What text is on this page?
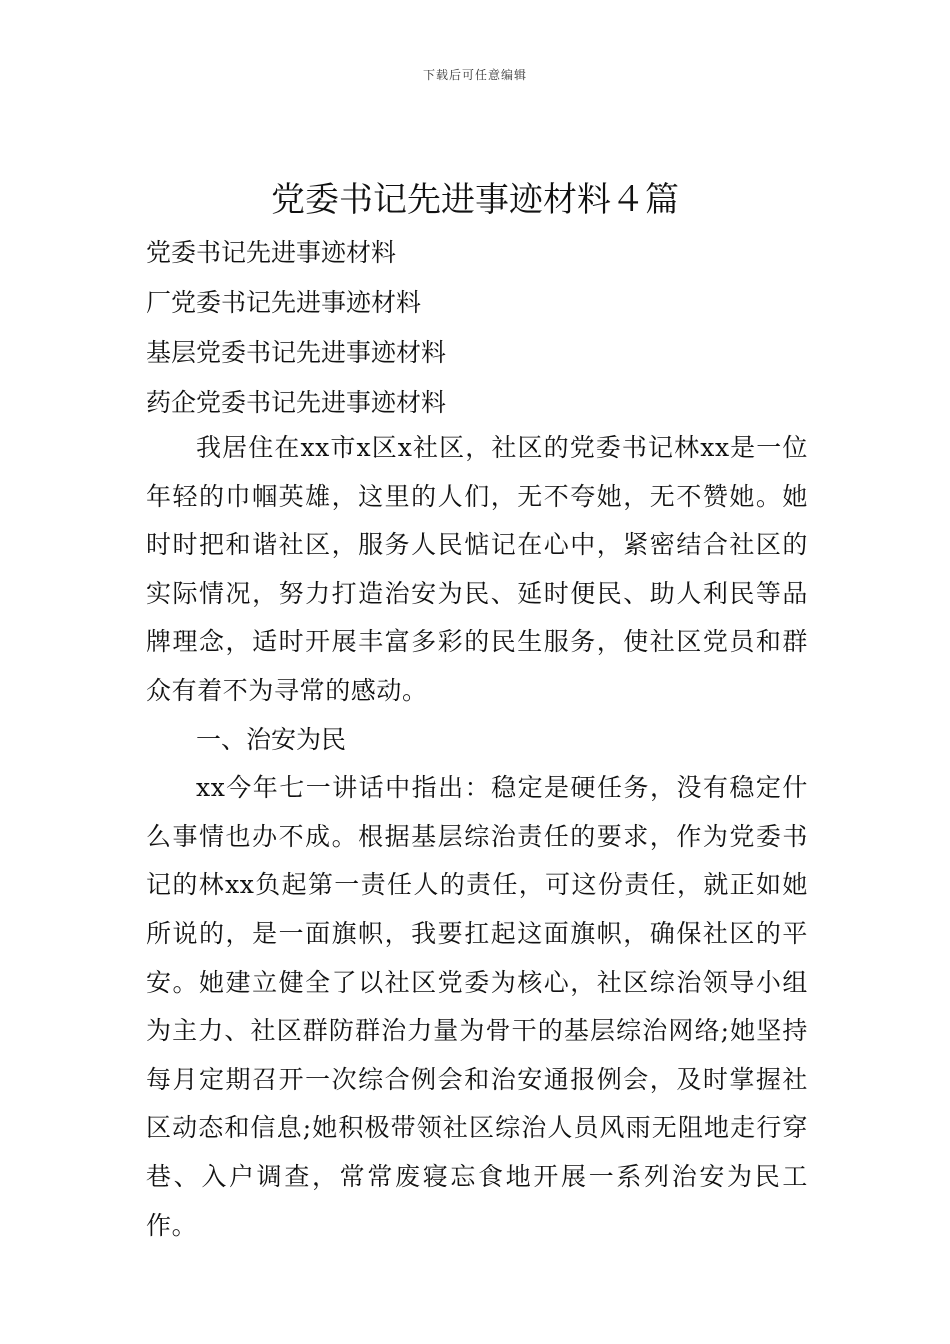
下载后可任意编辑
党委书记先进事迹材料４篇
党委书记先进事迹材料
厂党委书记先进事迹材料
基层党委书记先进事迹材料
药企党委书记先进事迹材料

我居住在xx市x区x社区，社区的党委书记林xx是一位年轻的巾帼英雄，这里的人们，无不夸她，无不赞她。她时时把和谐社区，服务人民惦记在心中，紧密结合社区的实际情况，努力打造治安为民、延时便民、助人利民等品牌理念，适时开展丰富多彩的民生服务，使社区党员和群众有着不为寻常的感动。

一、治安为民

xx今年七一讲话中指出：稳定是硬任务，没有稳定什么事情也办不成。根据基层综治责任的要求，作为党委书记的林xx负起第一责任人的责任，可这份责任，就正如她所说的，是一面旗帜，我要扛起这面旗帜，确保社区的平安。她建立健全了以社区党委为核心，社区综治领导小组为主力、社区群防群治力量为骨干的基层综治网络;她坚持每月定期召开一次综合例会和治安通报例会，及时掌握社区动态和信息;她积极带领社区综治人员风雨无阻地走行穿巷、入户调查，常常废寝忘食地开展一系列治安为民工作。
